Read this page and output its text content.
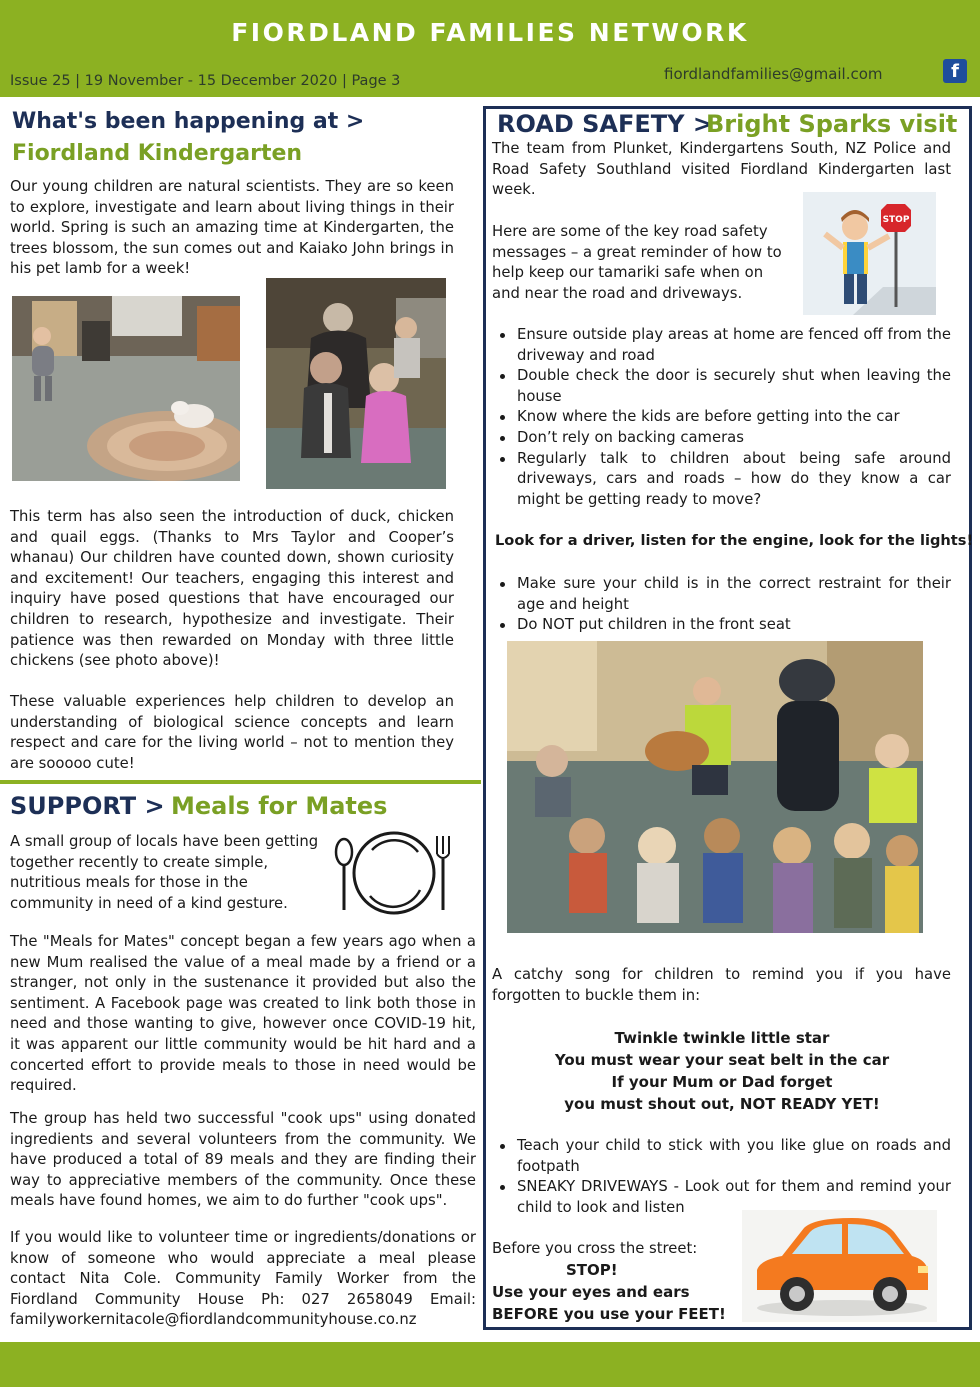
FIORDLAND FAMILIES NETWORK
Issue 25 | 19 November - 15 December 2020 | Page 3	fiordlandfamilies@gmail.com	f
What's been happening at >
Fiordland Kindergarten
Our young children are natural scientists. They are so keen to explore, investigate and learn about living things in their world. Spring is such an amazing time at Kindergarten, the trees blossom, the sun comes out and Kaiako John brings in his pet lamb for a week!
This term has also seen the introduction of duck, chicken and quail eggs. (Thanks to Mrs Taylor and Cooper’s whanau) Our children have counted down, shown curiosity and excitement! Our teachers, engaging this interest and inquiry have posed questions that have encouraged our children to research, hypothesize and investigate. Their patience was then rewarded on Monday with three little chickens (see photo above)!
These valuable experiences help children to develop an understanding of biological science concepts and learn respect and care for the living world – not to mention they are sooooo cute!
SUPPORT > Meals for Mates
A small group of locals have been getting together recently to create simple, nutritious meals for those in the community in need of a kind gesture.
The "Meals for Mates" concept began a few years ago when a new Mum realised the value of a meal made by a friend or a stranger, not only in the sustenance it provided but also the sentiment. A Facebook page was created to link both those in need and those wanting to give, however once COVID-19 hit, it was apparent our little community would be hit hard and a concerted effort to provide meals to those in need would be required.
The group has held two successful "cook ups" using donated ingredients and several volunteers from the community. We have produced a total of 89 meals and they are finding their way to appreciative members of the community. Once these meals have found homes, we aim to do further "cook ups".
If you would like to volunteer time or ingredients/donations or know of someone who would appreciate a meal please contact Nita Cole. Community Family Worker from the Fiordland Community House Ph: 027 2658049 Email: familyworkernitacole@fiordlandcommunityhouse.co.nz
ROAD SAFETY >
Bright Sparks visit
The team from Plunket, Kindergartens South, NZ Police and Road Safety Southland visited Fiordland Kindergarten last week.
Here are some of the key road safety messages – a great reminder of how to help keep our tamariki safe when on and near the road and driveways.
STOP
Ensure outside play areas at home are fenced off from the driveway and road
Double check the door is securely shut when leaving the house
Know where the kids are before getting into the car
Don’t rely on backing cameras
Regularly talk to children about being safe around driveways, cars and roads – how do they know a car might be getting ready to move?
Look for a driver, listen for the engine, look for the lights!
Make sure your child is in the correct restraint for their age and height
Do NOT put children in the front seat
A catchy song for children to remind you if you have forgotten to buckle them in:
Twinkle twinkle little star
You must wear your seat belt in the car
If your Mum or Dad forget
you must shout out, NOT READY YET!
Teach your child to stick with you like glue on roads and footpath
SNEAKY DRIVEWAYS - Look out for them and remind your child to look and listen
Before you cross the street:
STOP!
Use your eyes and ears
BEFORE you use your FEET!
